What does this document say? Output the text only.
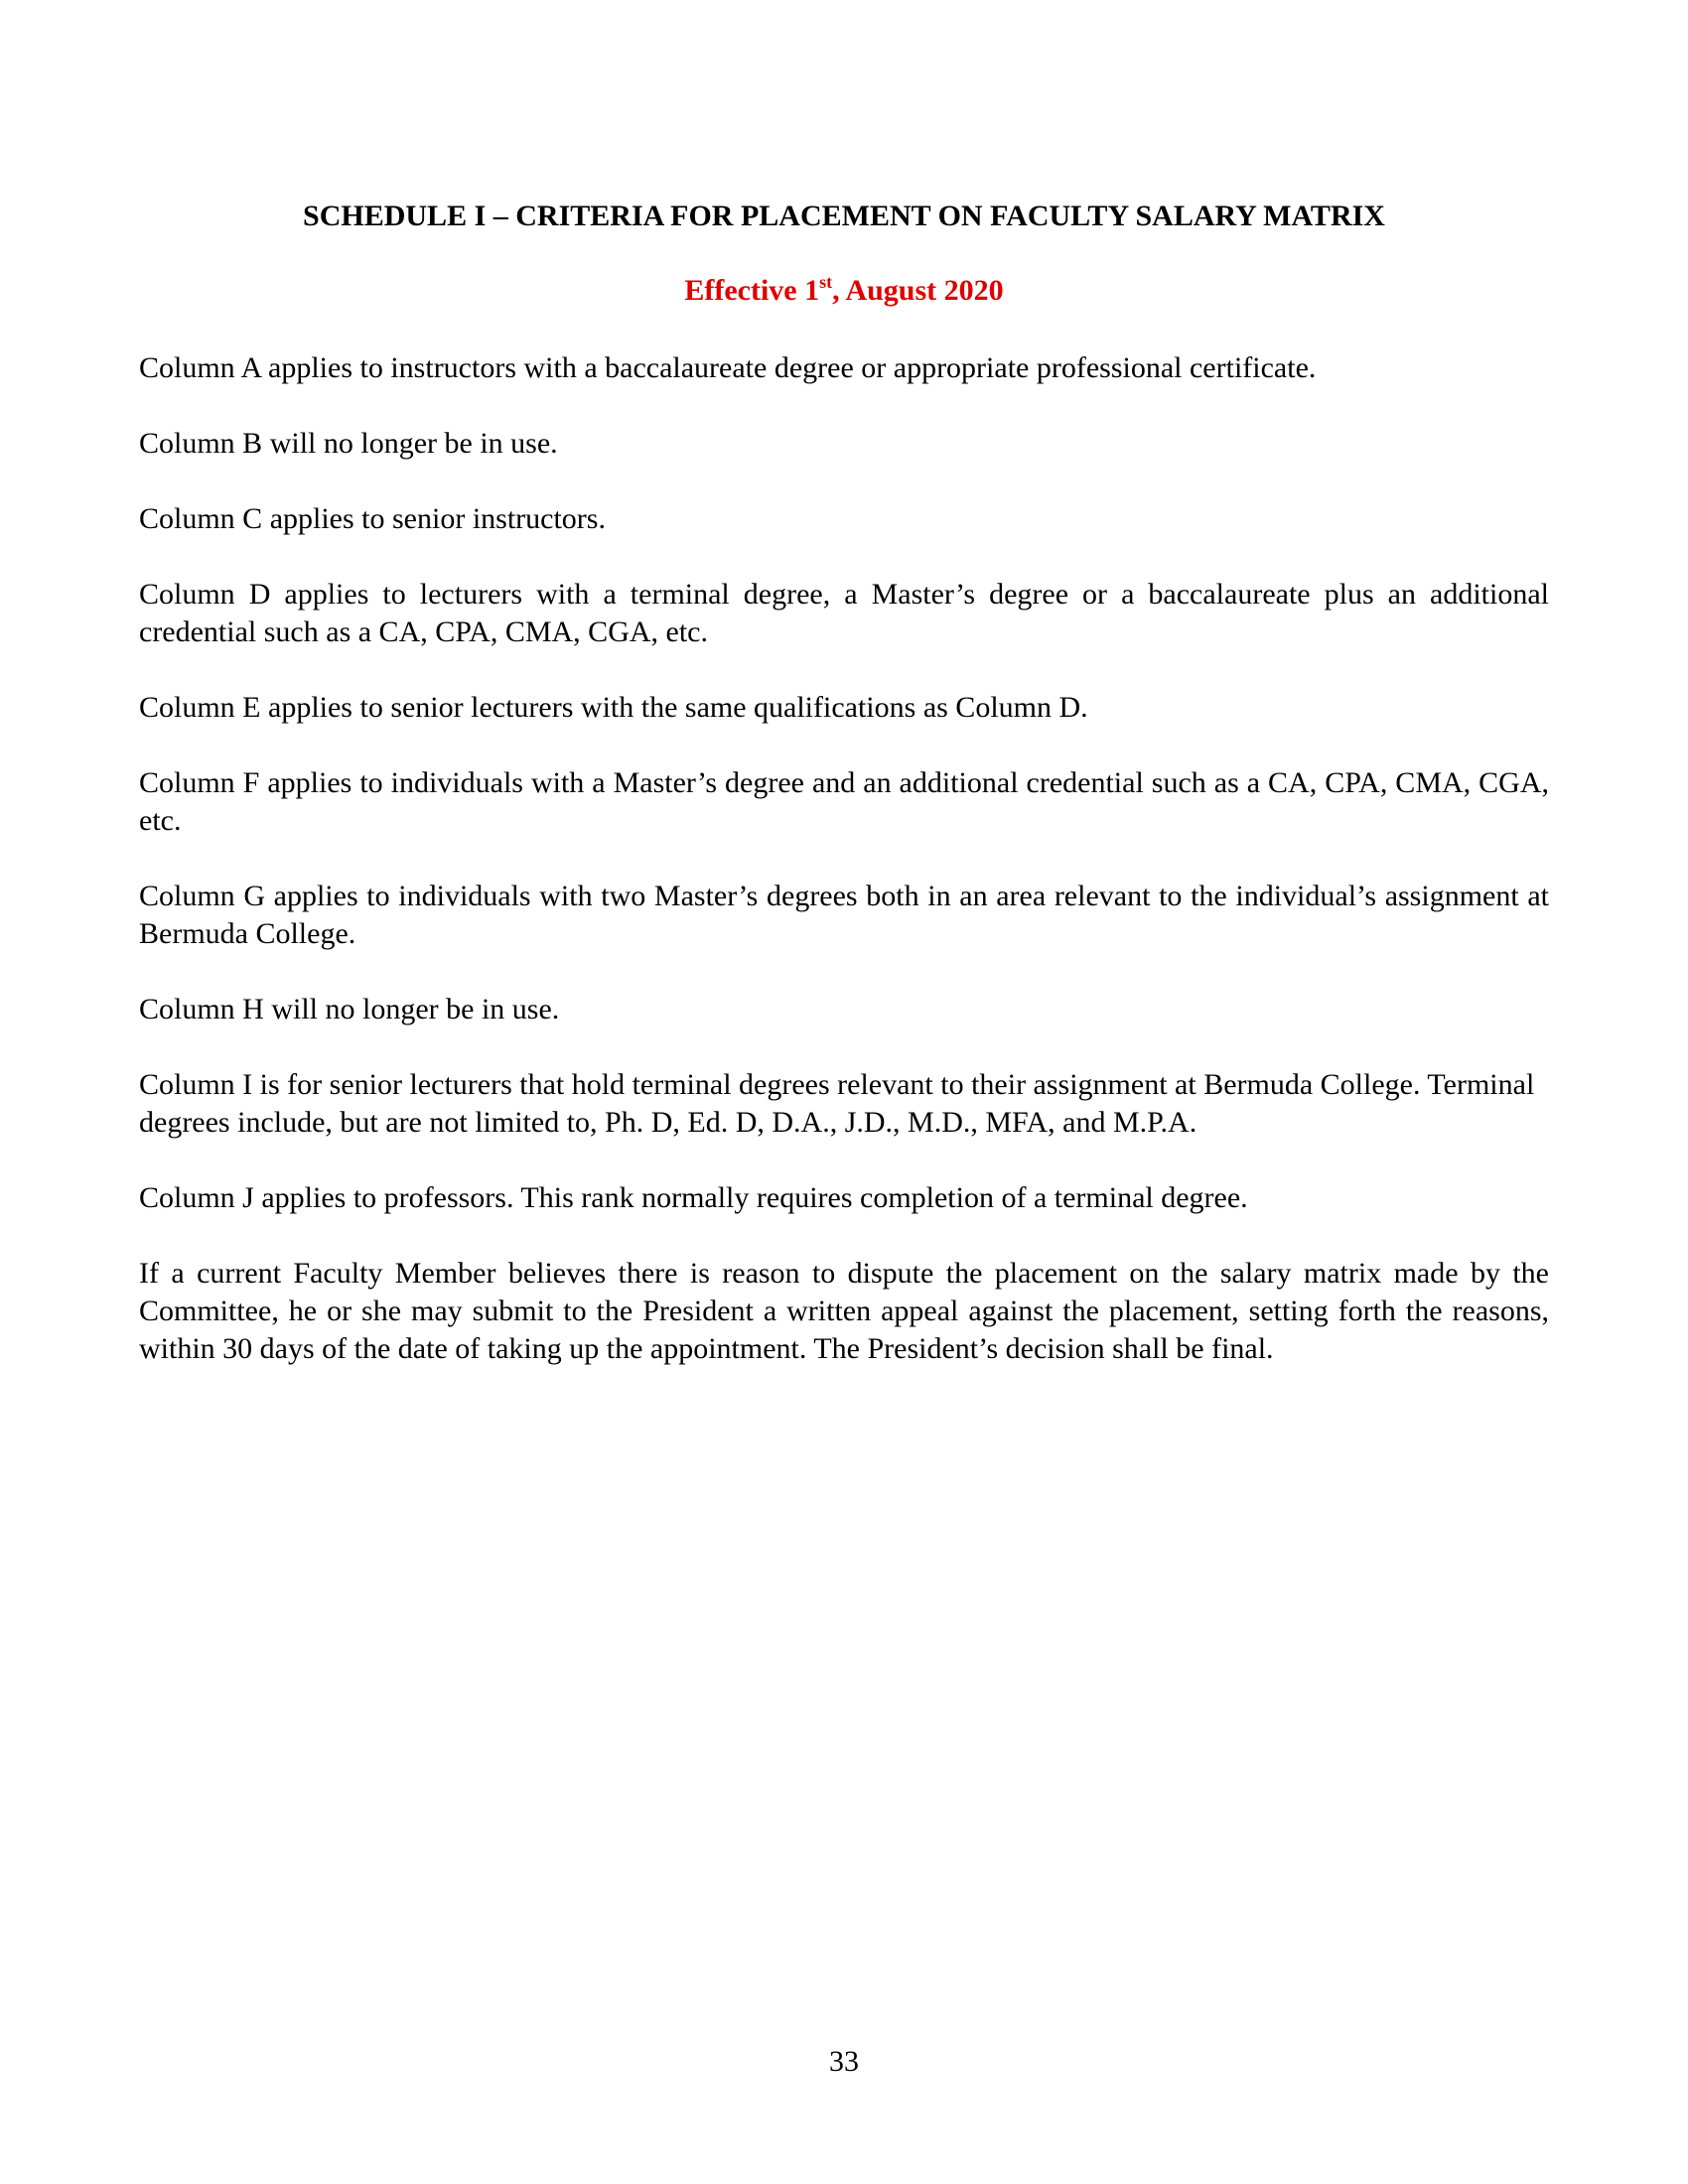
SCHEDULE I – CRITERIA FOR PLACEMENT ON FACULTY SALARY MATRIX

Effective 1st, August 2020

Column A applies to instructors with a baccalaureate degree or appropriate professional certificate.

Column B will no longer be in use.

Column C applies to senior instructors.

Column D applies to lecturers with a terminal degree, a Master’s degree or a baccalaureate plus an additional credential such as a CA, CPA, CMA, CGA, etc.

Column E applies to senior lecturers with the same qualifications as Column D.

Column F applies to individuals with a Master’s degree and an additional credential such as a CA, CPA, CMA, CGA, etc.

Column G applies to individuals with two Master’s degrees both in an area relevant to the individual’s assignment at Bermuda College.

Column H will no longer be in use.

Column I is for senior lecturers that hold terminal degrees relevant to their assignment at Bermuda College. Terminal degrees include, but are not limited to, Ph. D, Ed. D, D.A., J.D., M.D., MFA, and M.P.A.

Column J applies to professors. This rank normally requires completion of a terminal degree.

If a current Faculty Member believes there is reason to dispute the placement on the salary matrix made by the Committee, he or she may submit to the President a written appeal against the placement, setting forth the reasons, within 30 days of the date of taking up the appointment. The President’s decision shall be final.

33
